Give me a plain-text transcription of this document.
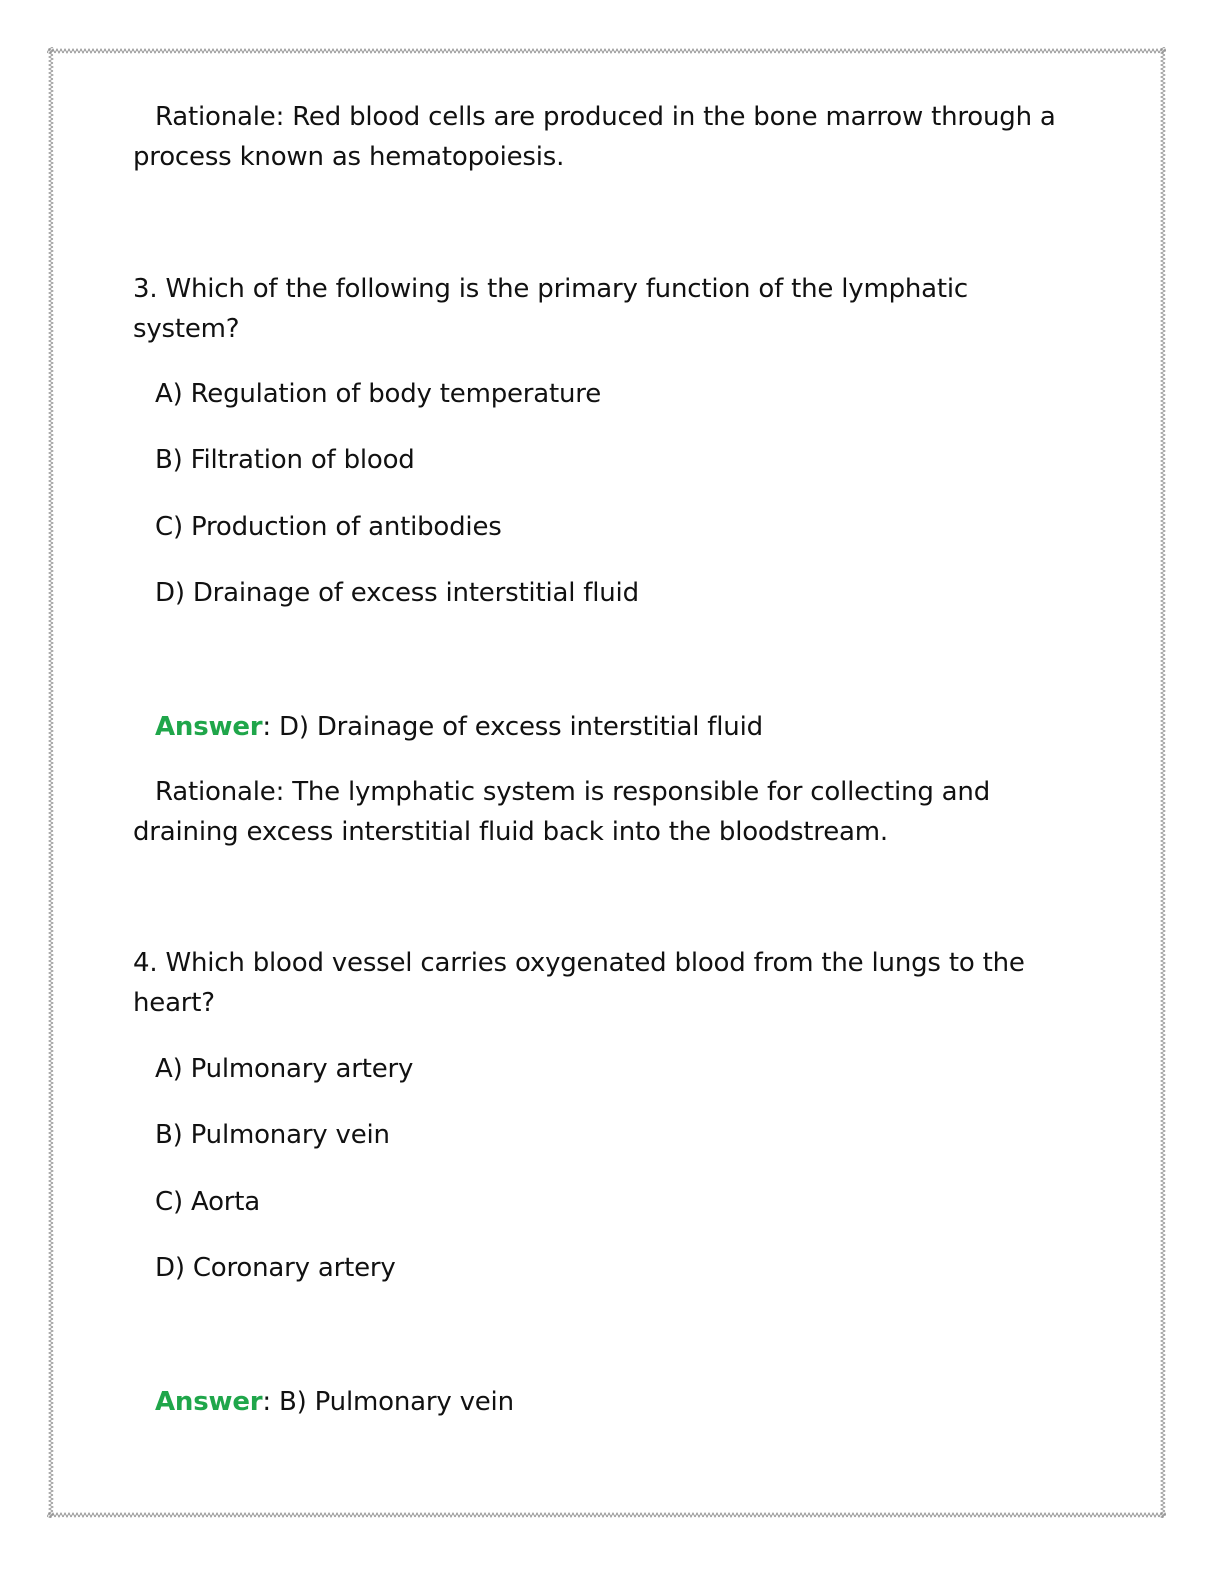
Rationale: Red blood cells are produced in the bone marrow through a
process known as hematopoiesis.
3. Which of the following is the primary function of the lymphatic
system?
A) Regulation of body temperature
B) Filtration of blood
C) Production of antibodies
D) Drainage of excess interstitial fluid
Answer: D) Drainage of excess interstitial fluid
Rationale: The lymphatic system is responsible for collecting and
draining excess interstitial fluid back into the bloodstream.
4. Which blood vessel carries oxygenated blood from the lungs to the
heart?
A) Pulmonary artery
B) Pulmonary vein
C) Aorta
D) Coronary artery
Answer: B) Pulmonary vein
